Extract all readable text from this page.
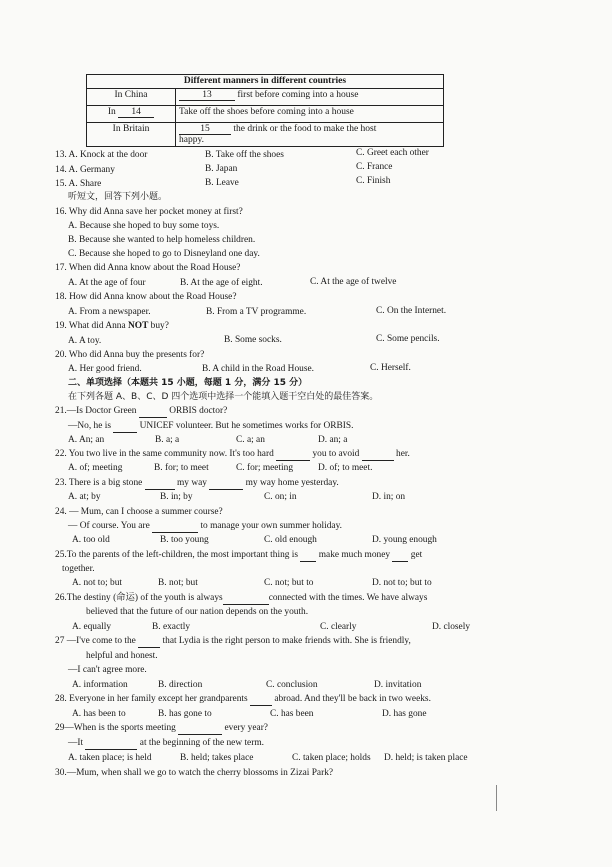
Different manners in different countries	
In China	13 first before coming into a house
In 14	Take off the shoes before coming into a house
In Britain	15 the drink or the food to make the host
happy.
13. A. Knock at the door	B. Take off the shoes	C. Greet each other
14. A. Germany	B. Japan	C. France
15. A. Share	B. Leave	C. Finish
听短文，回答下列小题。
16. Why did Anna save her pocket money at first?
A. Because she hoped to buy some toys.
B. Because she wanted to help homeless children.
C. Because she hoped to go to Disneyland one day.
17. When did Anna know about the Road House?
A. At the age of four	B. At the age of eight.	C. At the age of twelve
18. How did Anna know about the Road House?
A. From a newspaper.	B. From a TV programme.	C. On the Internet.
19. What did Anna NOT buy?
A. A toy.	B. Some socks.	C. Some pencils.
20. Who did Anna buy the presents for?
A. Her good friend.	B. A child in the Road House.	C. Herself.
二、单项选择（本题共 15 小题，每题 1 分，满分 15 分）
在下列各题 A、B、C、D 四个选项中选择一个能填入题干空白处的最佳答案。
21.—Is Doctor Green	ORBIS doctor?
—No, he is	UNICEF volunteer. But he sometimes works for ORBIS.
A. An; an	B. a; a	C. a; an	D. an; a
22. You two live in the same community now. It's too hard	you to avoid	her.
A. of; meeting	B. for; to meet	C. for; meeting	D. of; to meet.
23. There is a big stone	my way	my way home yesterday.
A. at; by	B. in; by	C. on; in	D. in; on
24. — Mum, can I choose a summer course?
— Of course. You are	to manage your own summer holiday.
A. too old	B. too young	C. old enough	D. young enough
25.To the parents of the left-children, the most important thing is   make much money   get
together.
A. not to; but	B. not; but	C. not; but to	D. not to; but to
26.The destiny (命运) of the youth is always	connected with the times. We have always
believed that the future of our nation depends on the youth.
A. equally	B. exactly	C. clearly	D. closely
27 —I've come to the   that Lydia is the right person to make friends with. She is friendly,
helpful and honest.
—I can't agree more.
A. information	B. direction	C. conclusion	D. invitation
28. Everyone in her family except her grandparents   abroad. And they'll be back in two weeks.
A. has been to	B. has gone to	C. has been	D. has gone
29—When is the sports meeting	every year?
—It	at the beginning of the new term.
A. taken place; is held	B. held; takes place	C. taken place; holds D. held; is taken place
30.—Mum, when shall we go to watch the cherry blossoms in Zizai Park?
